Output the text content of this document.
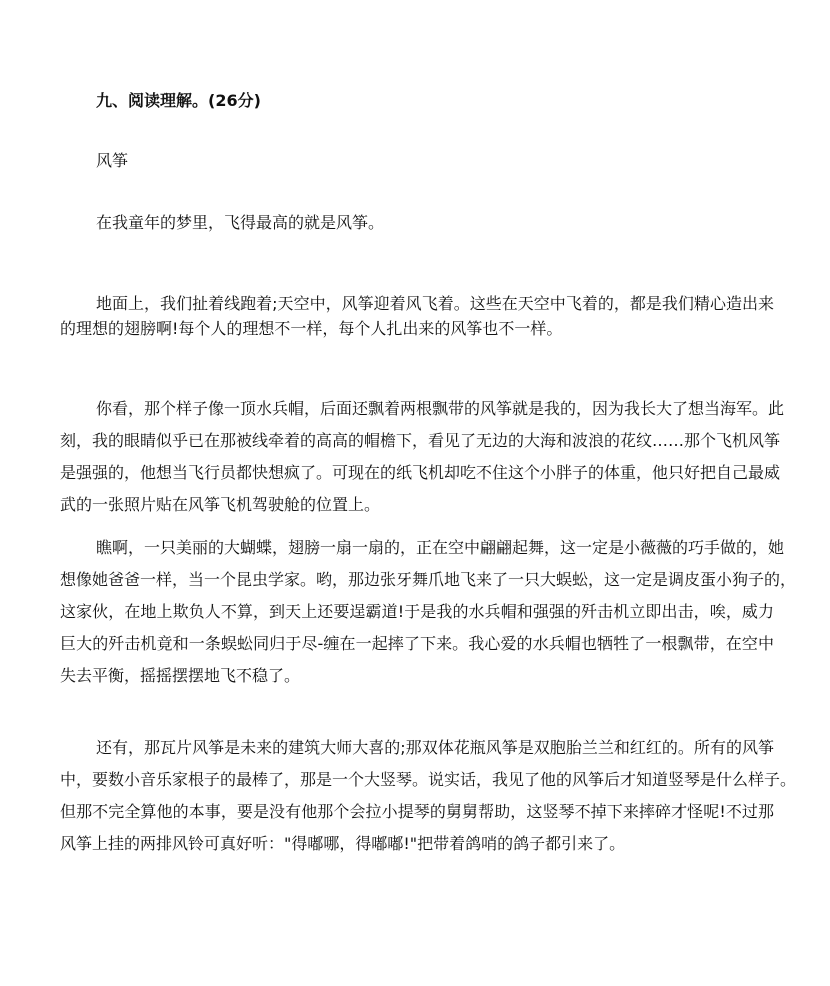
九、阅读理解。(26分)
风筝
在我童年的梦里，飞得最高的就是风筝。
地面上，我们扯着线跑着;天空中，风筝迎着风飞着。这些在天空中飞着的，都是我们精心造出来
的理想的翅膀啊!每个人的理想不一样，每个人扎出来的风筝也不一样。
你看，那个样子像一顶水兵帽，后面还飘着两根飘带的风筝就是我的，因为我长大了想当海军。此
刻，我的眼睛似乎已在那被线牵着的高高的帽檐下，看见了无边的大海和波浪的花纹……那个飞机风筝
是强强的，他想当飞行员都快想疯了。可现在的纸飞机却吃不住这个小胖子的体重，他只好把自己最威
武的一张照片贴在风筝飞机驾驶舱的位置上。
瞧啊，一只美丽的大蝴蝶，翅膀一扇一扇的，正在空中翩翩起舞，这一定是小薇薇的巧手做的，她
想像她爸爸一样，当一个昆虫学家。哟，那边张牙舞爪地飞来了一只大蜈蚣，这一定是调皮蛋小狗子的，
这家伙，在地上欺负人不算，到天上还要逞霸道!于是我的水兵帽和强强的歼击机立即出击，唉，威力
巨大的歼击机竟和一条蜈蚣同归于尽-缠在一起摔了下来。我心爱的水兵帽也牺牲了一根飘带，在空中
失去平衡，摇摇摆摆地飞不稳了。
还有，那瓦片风筝是未来的建筑大师大喜的;那双体花瓶风筝是双胞胎兰兰和红红的。所有的风筝
中，要数小音乐家根子的最棒了，那是一个大竖琴。说实话，我见了他的风筝后才知道竖琴是什么样子。
但那不完全算他的本事，要是没有他那个会拉小提琴的舅舅帮助，这竖琴不掉下来摔碎才怪呢!不过那
风筝上挂的两排风铃可真好听："得嘟哪，得嘟嘟!"把带着鸽哨的鸽子都引来了。
